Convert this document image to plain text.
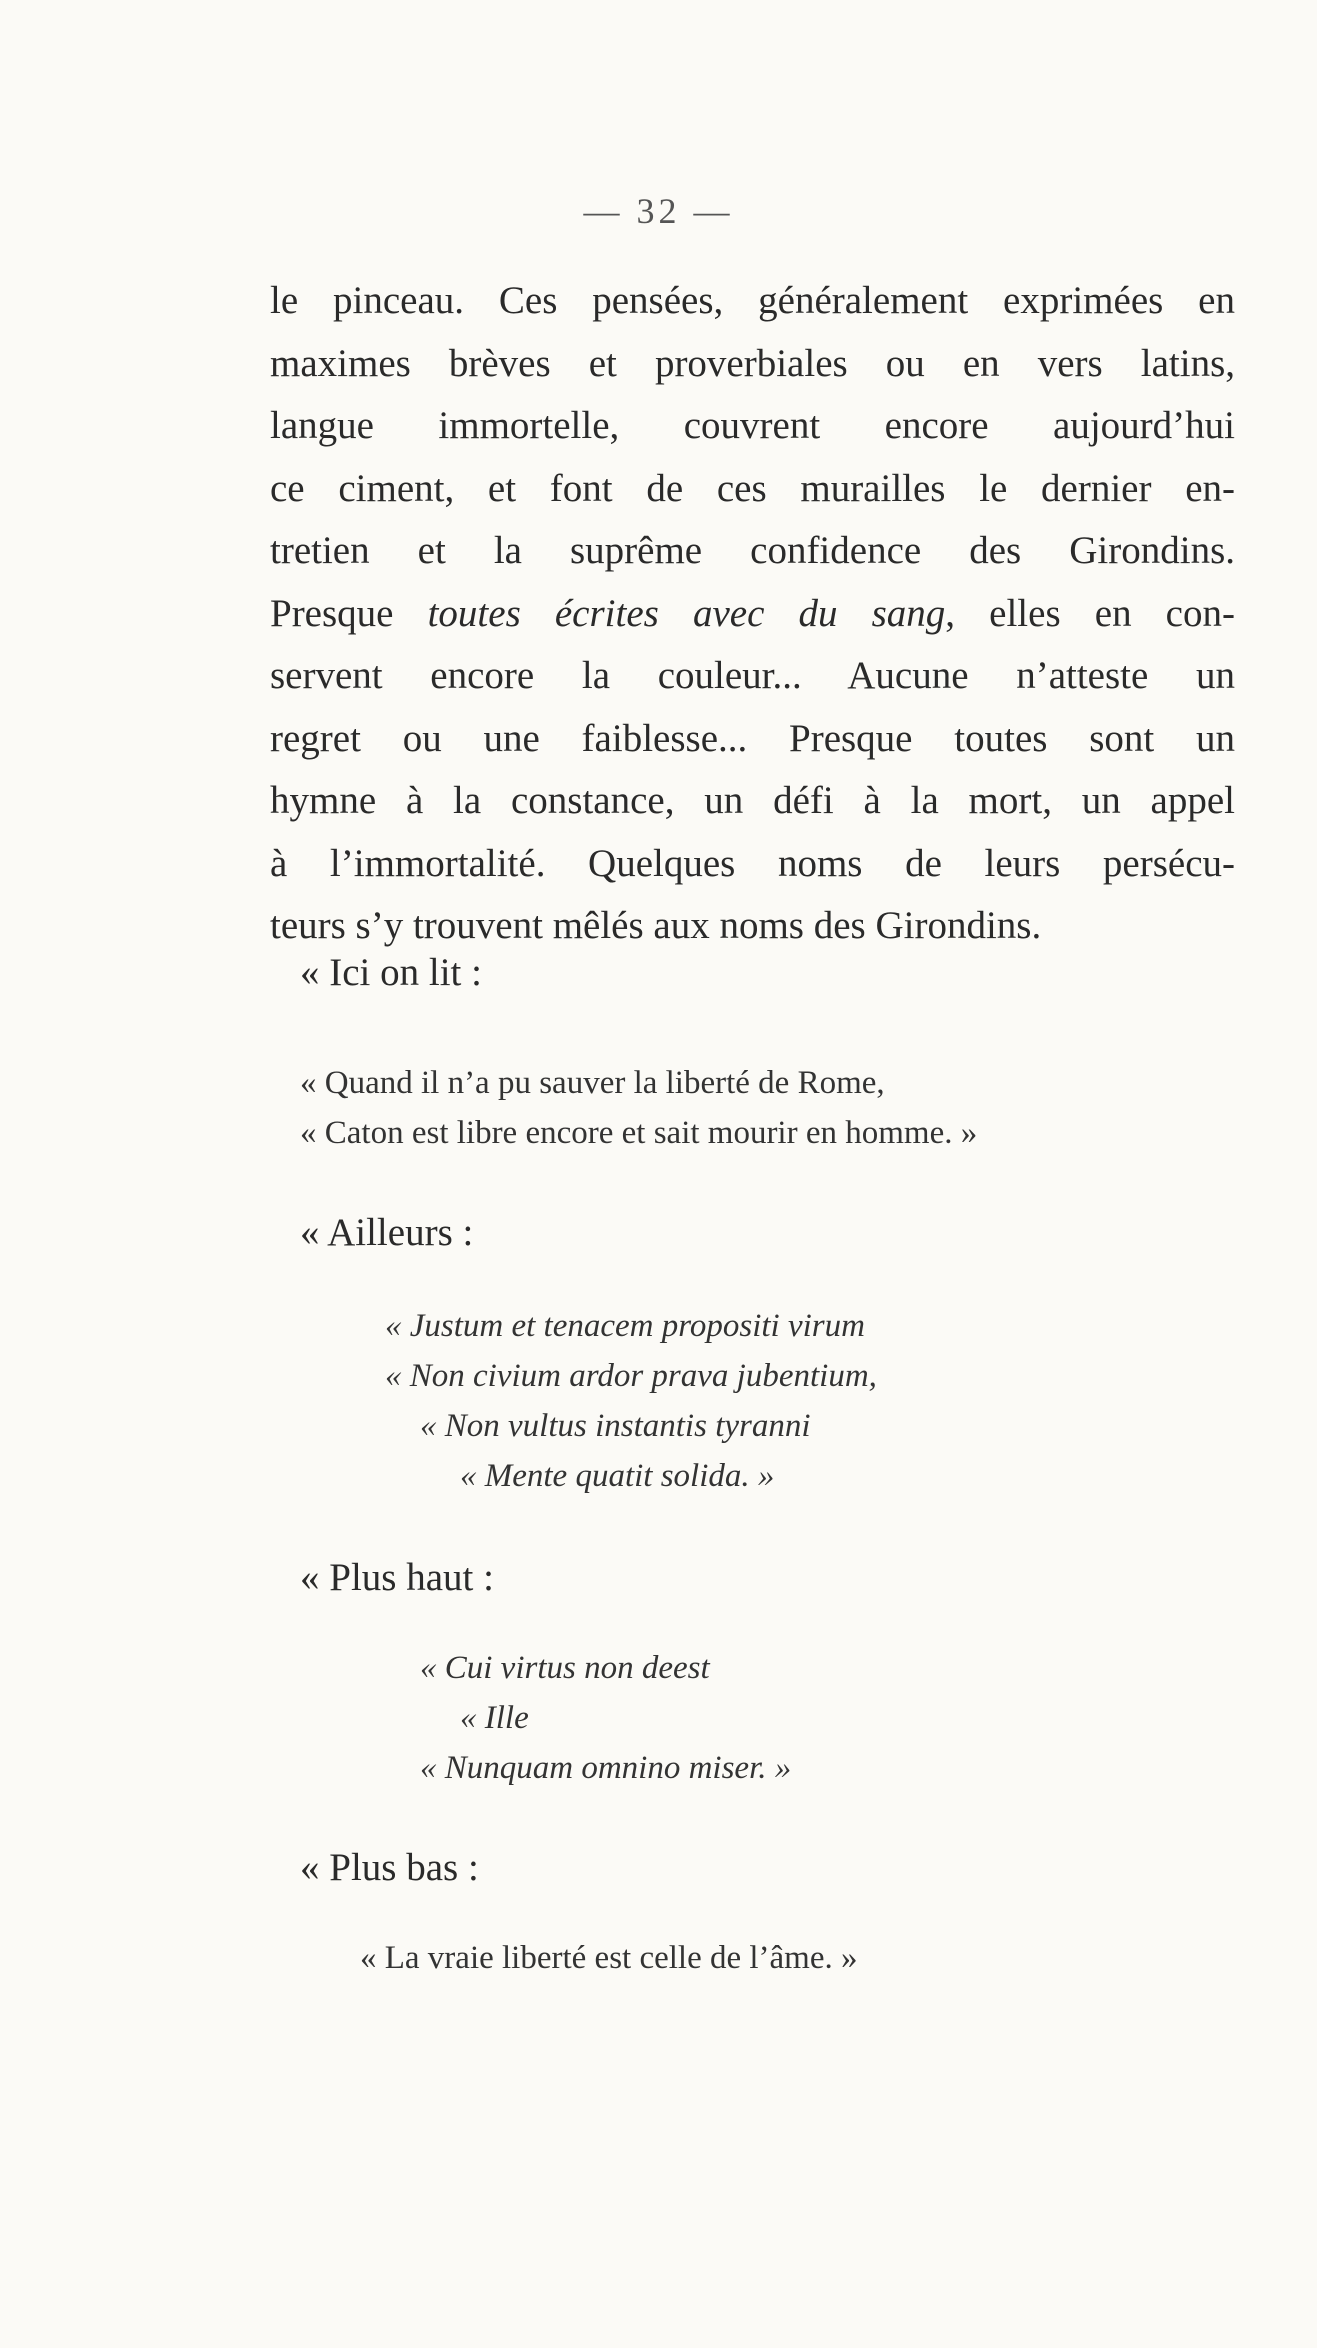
— 32 —
le pinceau. Ces pensées, généralement exprimées en
maximes brèves et proverbiales ou en vers latins,
langue immortelle, couvrent encore aujourd’hui
ce ciment, et font de ces murailles le dernier en-
tretien et la suprême confidence des Girondins.
Presque toutes écrites avec du sang, elles en con-
servent encore la couleur... Aucune n’atteste un
regret ou une faiblesse... Presque toutes sont un
hymne à la constance, un défi à la mort, un appel
à l’immortalité. Quelques noms de leurs persécu-
teurs s’y trouvent mêlés aux noms des Girondins.
« Ici on lit :
« Quand il n’a pu sauver la liberté de Rome,
« Caton est libre encore et sait mourir en homme. »
« Ailleurs :
« Justum et tenacem propositi virum
« Non civium ardor prava jubentium,
« Non vultus instantis tyranni
« Mente quatit solida. »
« Plus haut :
« Cui virtus non deest
« Ille
« Nunquam omnino miser. »
« Plus bas :
« La vraie liberté est celle de l’âme. »
